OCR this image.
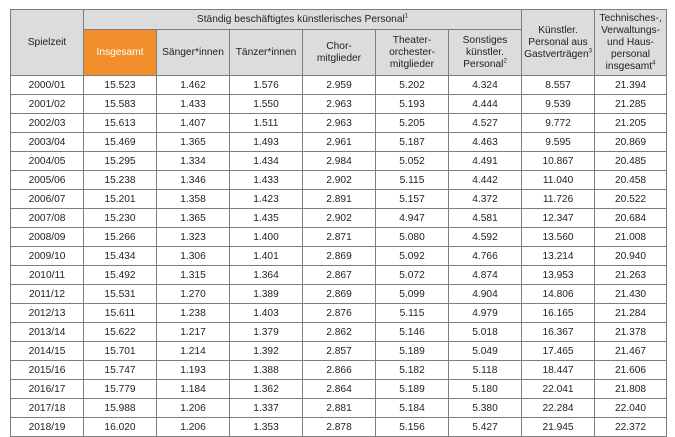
Spielzeit	Ständig beschäftigtes künstlerisches Personal$^1$						Künstler.
Personal aus
Gastverträgen$^3$	Technisches-,
Verwaltungs-
und Haus-
personal
insgesamt$^4$
	Insgesamt	Sänger*innen	Tänzer*innen	Chor-
mitglieder	Theater-
orchester-
mitglieder	Sonstiges
künstler.
Personal$^2$
2000/01	15.523	1.462	1.576	2.959	5.202	4.324	8.557	21.394
2001/02	15.583	1.433	1.550	2.963	5.193	4.444	9.539	21.285
2002/03	15.613	1.407	1.511	2.963	5.205	4.527	9.772	21.205
2003/04	15.469	1.365	1.493	2.961	5.187	4.463	9.595	20.869
2004/05	15.295	1.334	1.434	2.984	5.052	4.491	10.867	20.485
2005/06	15.238	1.346	1.433	2.902	5.115	4.442	11.040	20.458
2006/07	15.201	1.358	1.423	2.891	5.157	4.372	11.726	20.522
2007/08	15.230	1.365	1.435	2.902	4.947	4.581	12.347	20.684
2008/09	15.266	1.323	1.400	2.871	5.080	4.592	13.560	21.008
2009/10	15.434	1.306	1.401	2.869	5.092	4.766	13.214	20.940
2010/11	15.492	1.315	1.364	2.867	5.072	4.874	13.953	21.263
2011/12	15.531	1.270	1.389	2.869	5.099	4.904	14.806	21.430
2012/13	15.611	1.238	1.403	2.876	5.115	4.979	16.165	21.284
2013/14	15.622	1.217	1.379	2.862	5.146	5.018	16.367	21.378
2014/15	15.701	1.214	1.392	2.857	5.189	5.049	17.465	21.467
2015/16	15.747	1.193	1.388	2.866	5.182	5.118	18.447	21.606
2016/17	15.779	1.184	1.362	2.864	5.189	5.180	22.041	21.808
2017/18	15.988	1.206	1.337	2.881	5.184	5.380	22.284	22.040
2018/19	16.020	1.206	1.353	2.878	5.156	5.427	21.945	22.372
